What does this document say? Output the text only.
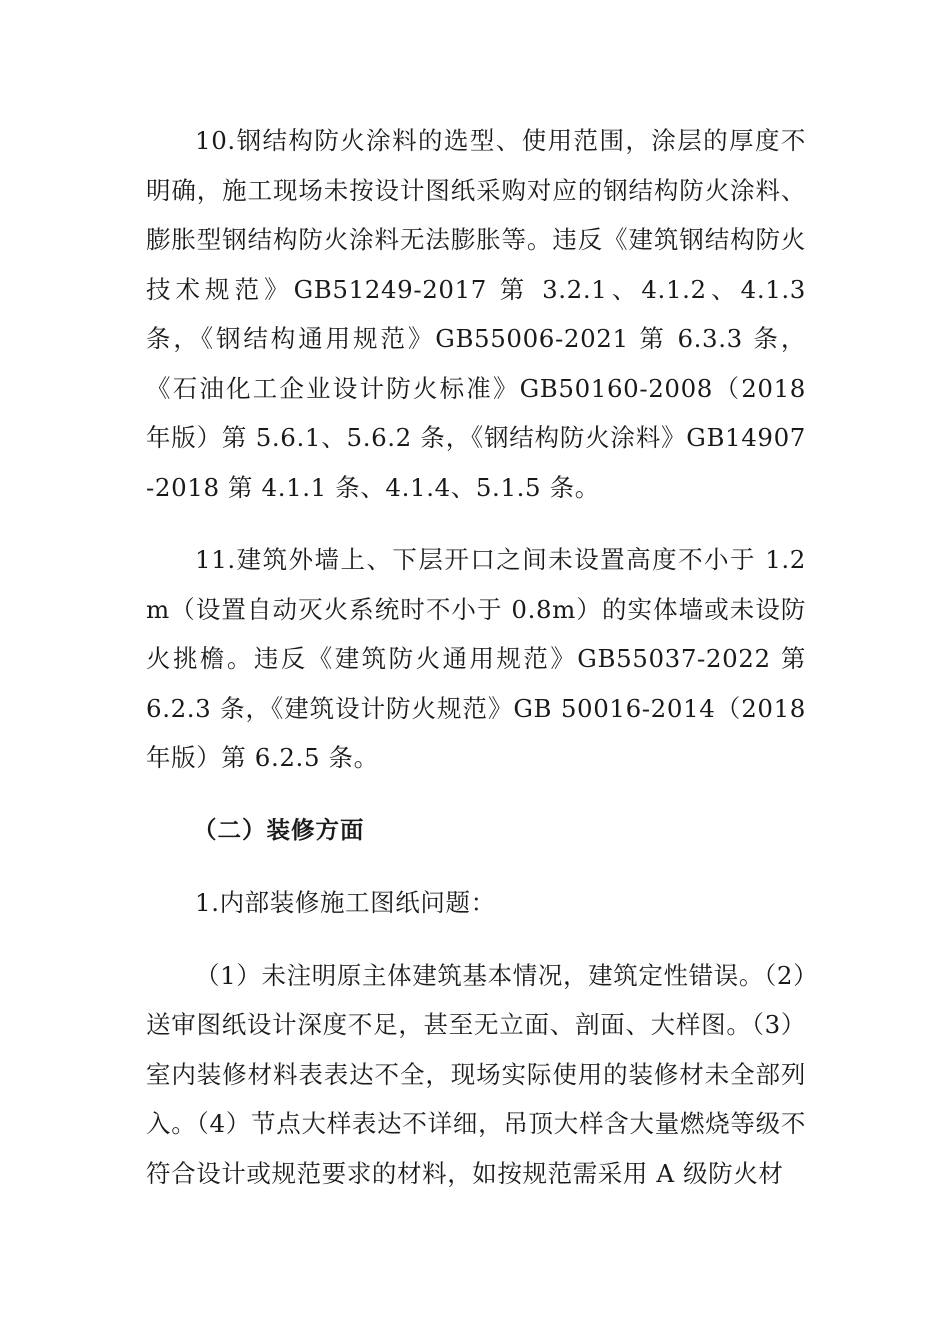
10.钢结构防火涂料的选型、使用范围，涂层的厚度不明确，施工现场未按设计图纸采购对应的钢结构防火涂料、膨胀型钢结构防火涂料无法膨胀等。违反《建筑钢结构防火技术规范》GB51249-2017 第 3.2.1、4.1.2、4.1.3 条，《钢结构通用规范》GB55006-2021 第 6.3.3 条，《石油化工企业设计防火标准》GB50160-2008（2018 年版）第 5.6.1、5.6.2 条，《钢结构防火涂料》GB14907-2018 第 4.1.1 条、4.1.4、5.1.5 条。

11.建筑外墙上、下层开口之间未设置高度不小于 1.2m（设置自动灭火系统时不小于 0.8m）的实体墙或未设防火挑檐。违反《建筑防火通用规范》GB55037-2022 第 6.2.3 条，《建筑设计防火规范》GB 50016-2014（2018 年版）第 6.2.5 条。

（二）装修方面

1.内部装修施工图纸问题：

（1）未注明原主体建筑基本情况，建筑定性错误。（2）送审图纸设计深度不足，甚至无立面、剖面、大样图。（3）室内装修材料表表达不全，现场实际使用的装修材未全部列入。（4）节点大样表达不详细，吊顶大样含大量燃烧等级不符合设计或规范要求的材料，如按规范需采用 A 级防火材
